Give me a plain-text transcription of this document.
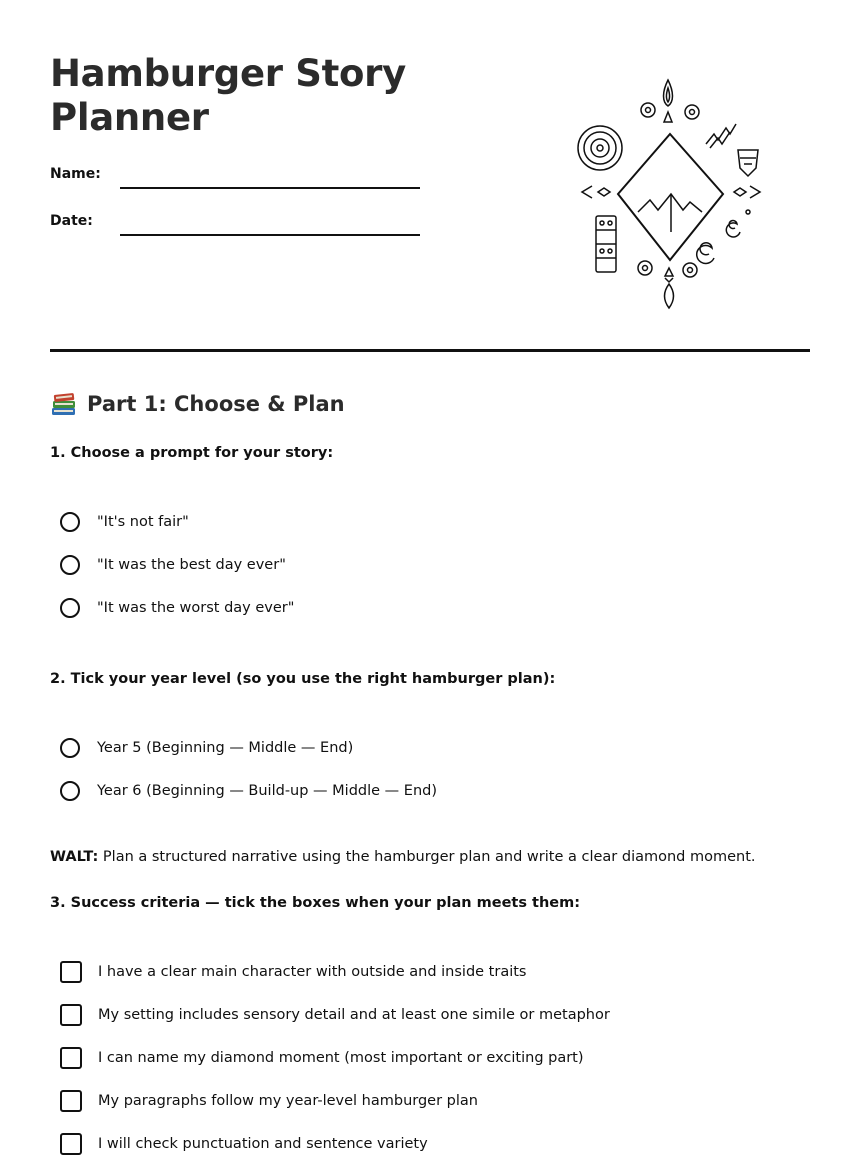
Hamburger Story
Planner
Name:
Date:
Part 1: Choose & Plan
1. Choose a prompt for your story:
"It's not fair"
"It was the best day ever"
"It was the worst day ever"
2. Tick your year level (so you use the right hamburger plan):
Year 5 (Beginning — Middle — End)
Year 6 (Beginning — Build-up — Middle — End)
WALT: Plan a structured narrative using the hamburger plan and write a clear diamond moment.
3. Success criteria — tick the boxes when your plan meets them:
I have a clear main character with outside and inside traits
My setting includes sensory detail and at least one simile or metaphor
I can name my diamond moment (most important or exciting part)
My paragraphs follow my year-level hamburger plan
I will check punctuation and sentence variety
